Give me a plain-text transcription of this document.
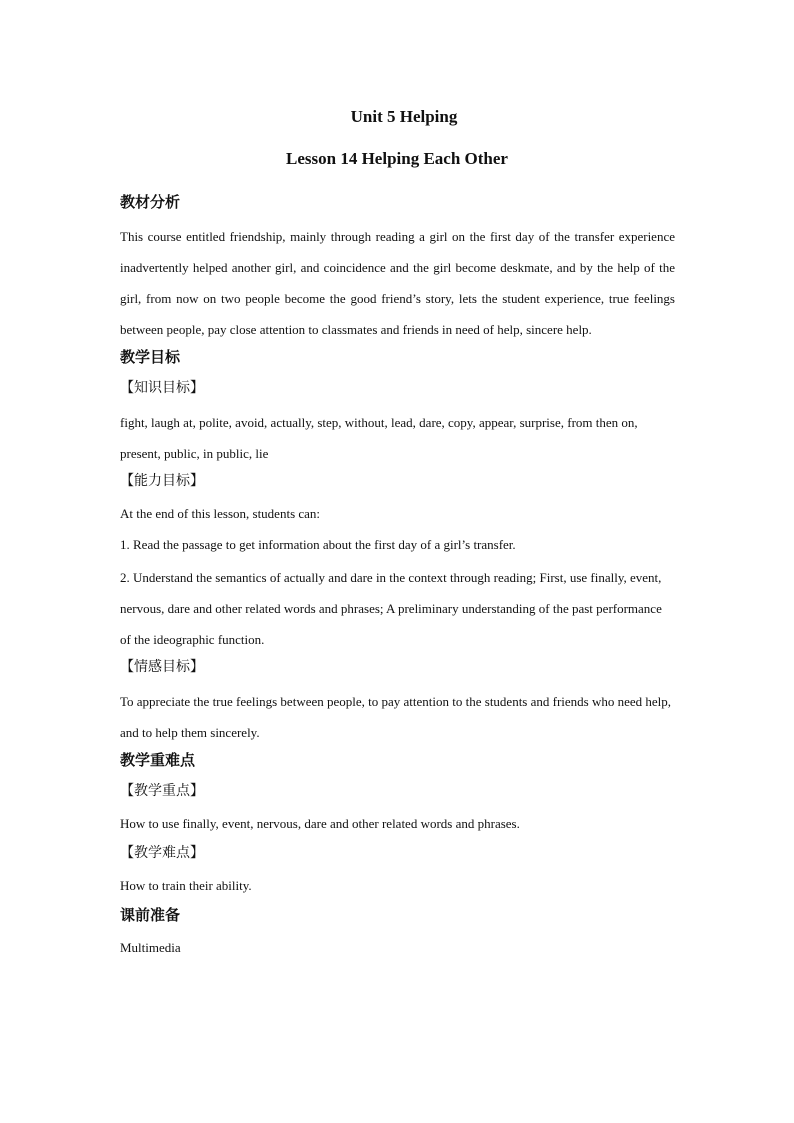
Unit 5 Helping
Lesson 14 Helping Each Other
教材分析
This course entitled friendship, mainly through reading a girl on the first day of the transfer experience inadvertently helped another girl, and coincidence and the girl become deskmate, and by the help of the girl, from now on two people become the good friend’s story, lets the student experience, true feelings between people, pay close attention to classmates and friends in need of help, sincere help.
教学目标
【知识目标】
fight, laugh at, polite, avoid, actually, step, without, lead, dare, copy, appear, surprise, from then on, present, public, in public, lie
【能力目标】
At the end of this lesson, students can:
1. Read the passage to get information about the first day of a girl’s transfer.
2. Understand the semantics of actually and dare in the context through reading; First, use finally, event, nervous, dare and other related words and phrases; A preliminary understanding of the past performance of the ideographic function.
【情感目标】
To appreciate the true feelings between people, to pay attention to the students and friends who need help, and to help them sincerely.
教学重难点
【教学重点】
How to use finally, event, nervous, dare and other related words and phrases.
【教学难点】
How to train their ability.
课前准备
Multimedia
